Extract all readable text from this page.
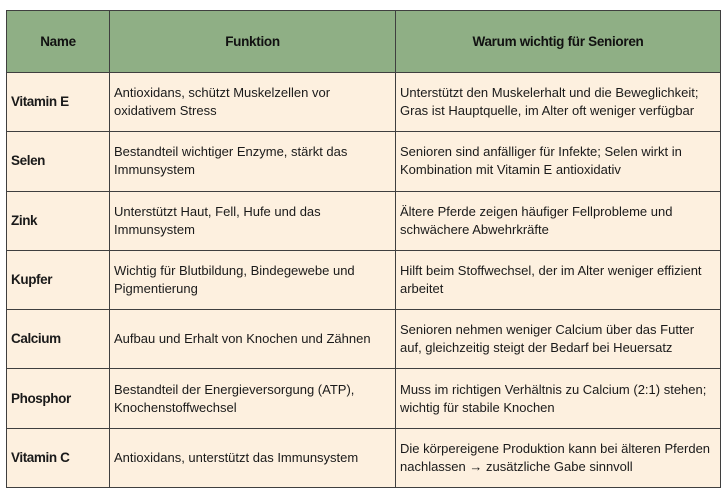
Name	Funktion	Warum wichtig für Senioren
Vitamin E	Antioxidans, schützt Muskelzellen vor oxidativem Stress	Unterstützt den Muskelerhalt und die Beweglichkeit; Gras ist Hauptquelle, im Alter oft weniger verfügbar
Selen	Bestandteil wichtiger Enzyme, stärkt das Immunsystem	Senioren sind anfälliger für Infekte; Selen wirkt in Kombination mit Vitamin E antioxidativ
Zink	Unterstützt Haut, Fell, Hufe und das Immunsystem	Ältere Pferde zeigen häufiger Fellprobleme und schwächere Abwehrkräfte
Kupfer	Wichtig für Blutbildung, Bindegewebe und Pigmentierung	Hilft beim Stoffwechsel, der im Alter weniger effizient arbeitet
Calcium	Aufbau und Erhalt von Knochen und Zähnen	Senioren nehmen weniger Calcium über das Futter auf, gleichzeitig steigt der Bedarf bei Heuersatz
Phosphor	Bestandteil der Energieversorgung (ATP), Knochenstoffwechsel	Muss im richtigen Verhältnis zu Calcium (2:1) stehen; wichtig für stabile Knochen
Vitamin C	Antioxidans, unterstützt das Immunsystem	Die körpereigene Produktion kann bei älteren Pferden nachlassen → zusätzliche Gabe sinnvoll
